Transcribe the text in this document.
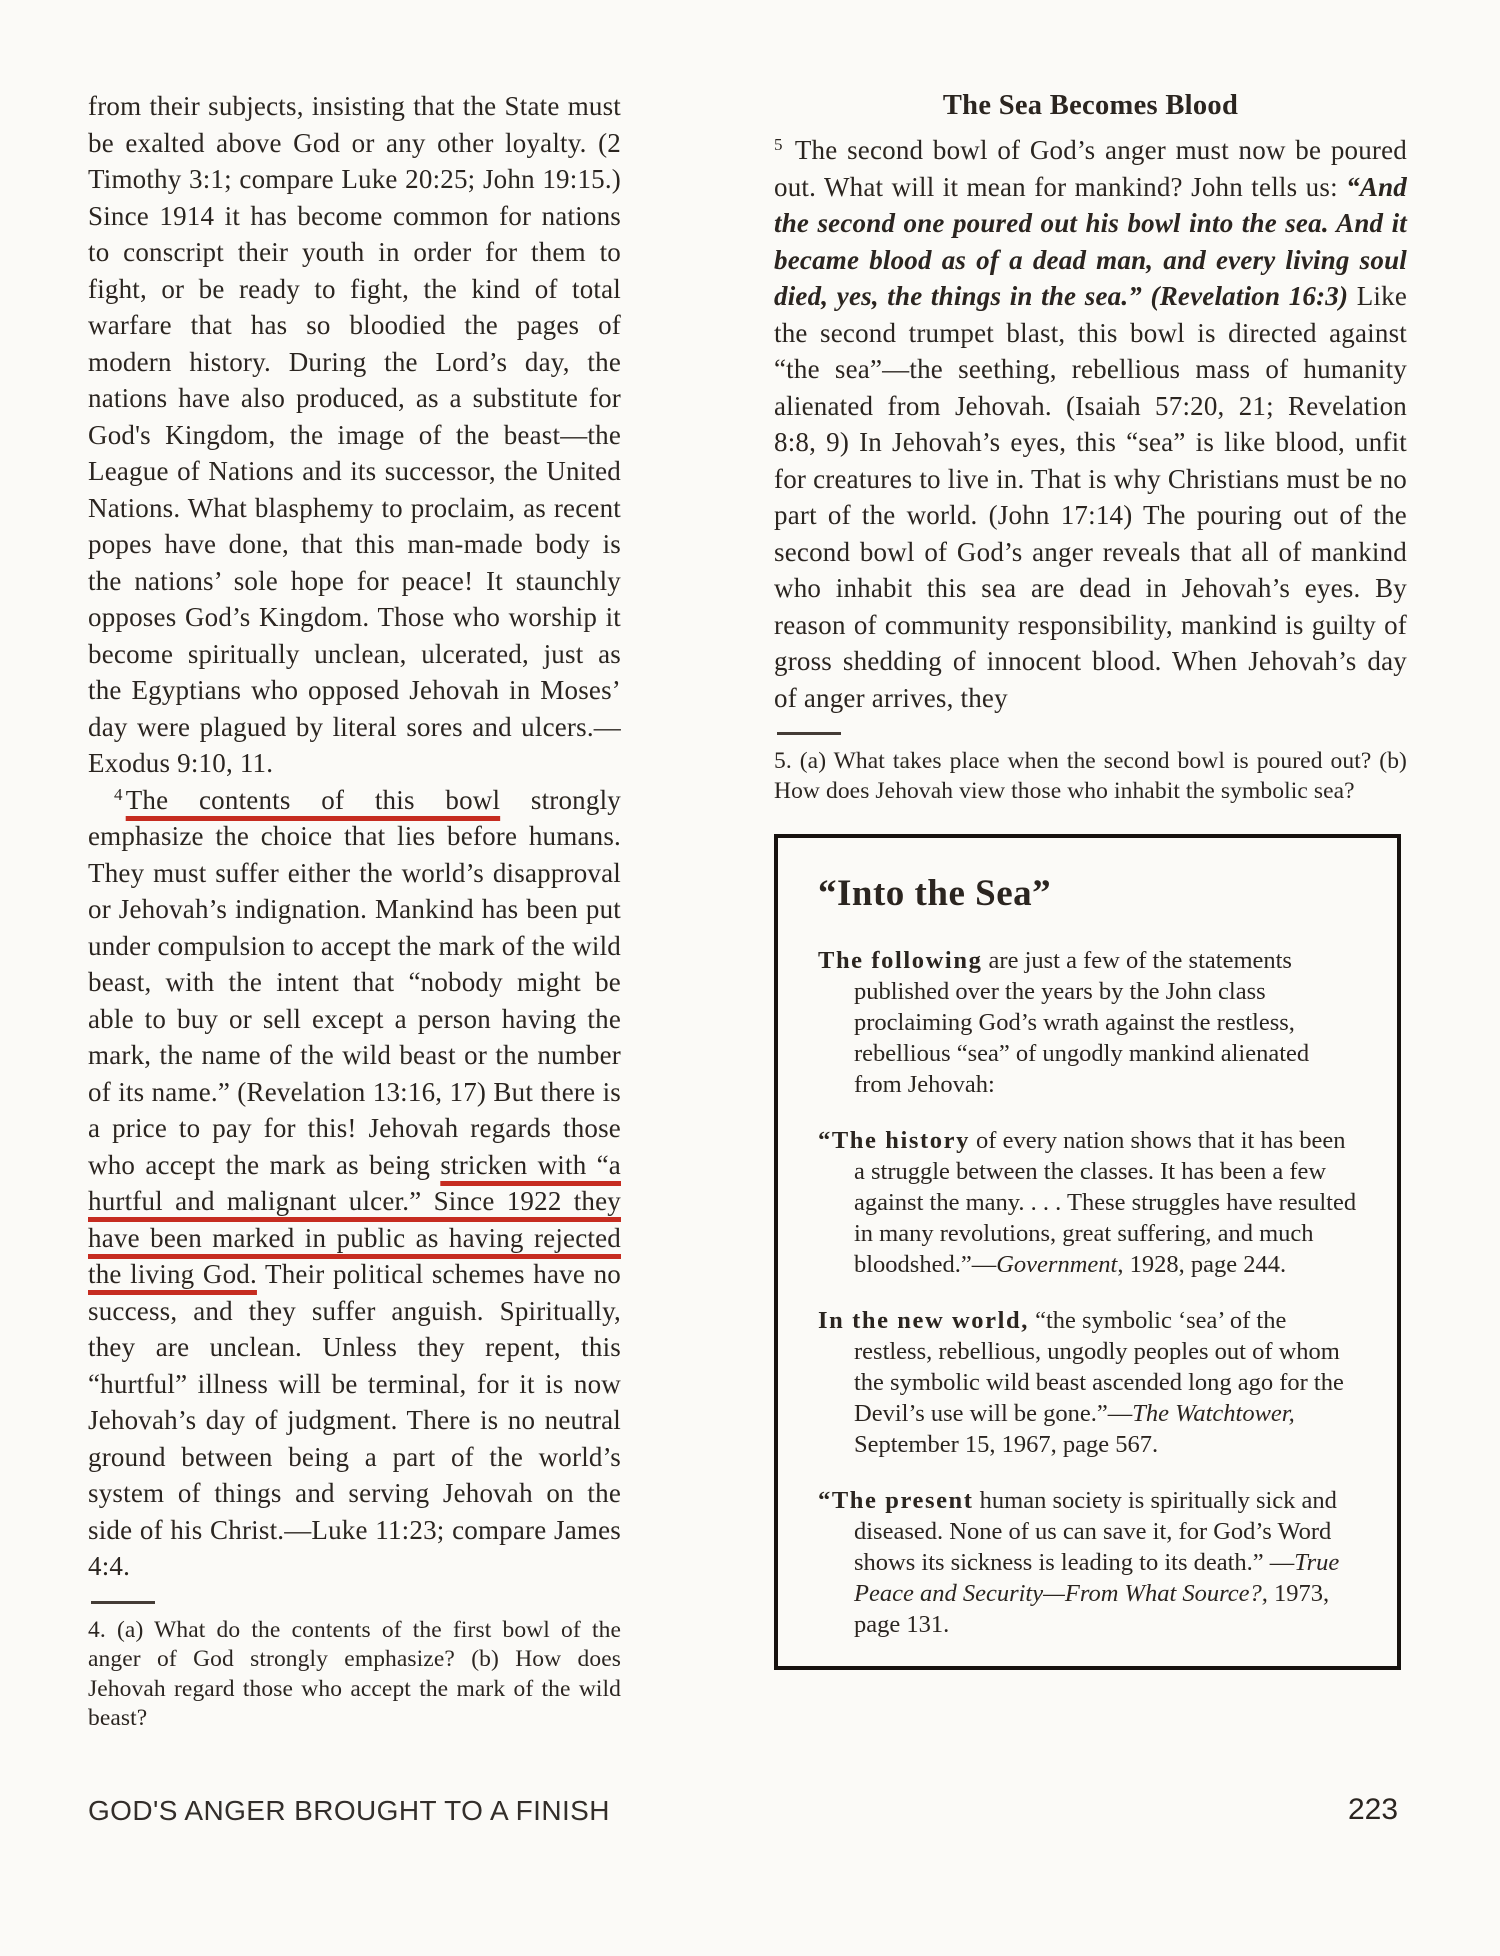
from their subjects, insisting that the State must be exalted above God or any other loyalty. (2 Timothy 3:1; compare Luke 20:25; John 19:15.) Since 1914 it has become common for nations to conscript their youth in order for them to fight, or be ready to fight, the kind of total warfare that has so bloodied the pages of modern history. During the Lord’s day, the nations have also produced, as a substitute for God's Kingdom, the image of the beast—the League of Nations and its successor, the United Nations. What blasphemy to proclaim, as recent popes have done, that this man-made body is the nations’ sole hope for peace! It staunchly opposes God’s Kingdom. Those who worship it become spiritually unclean, ulcerated, just as the Egyptians who opposed Jehovah in Moses’ day were plagued by literal sores and ulcers.—Exodus 9:10, 11.

$^4$ The contents of this bowl strongly emphasize the choice that lies before humans. They must suffer either the world’s disapproval or Jehovah’s indignation. Mankind has been put under compulsion to accept the mark of the wild beast, with the intent that “nobody might be able to buy or sell except a person having the mark, the name of the wild beast or the number of its name.” (Revelation 13:16, 17) But there is a price to pay for this! Jehovah regards those who accept the mark as being stricken with “a hurtful and malignant ulcer.” Since 1922 they have been marked in public as having rejected the living God. Their political schemes have no success, and they suffer anguish. Spiritually, they are unclean. Unless they repent, this “hurtful” illness will be terminal, for it is now Jehovah’s day of judgment. There is no neutral ground between being a part of the world’s system of things and serving Jehovah on the side of his Christ.—Luke 11:23; compare James 4:4.

4. (a) What do the contents of the first bowl of the anger of God strongly emphasize? (b) How does Jehovah regard those who accept the mark of the wild beast?

The Sea Becomes Blood

$^5$ The second bowl of God’s anger must now be poured out. What will it mean for mankind? John tells us: “And the second one poured out his bowl into the sea. And it became blood as of a dead man, and every living soul died, yes, the things in the sea.” (Revelation 16:3) Like the second trumpet blast, this bowl is directed against “the sea”—the seething, rebellious mass of humanity alienated from Jehovah. (Isaiah 57:20, 21; Revelation 8:8, 9) In Jehovah’s eyes, this “sea” is like blood, unfit for creatures to live in. That is why Christians must be no part of the world. (John 17:14) The pouring out of the second bowl of God’s anger reveals that all of mankind who inhabit this sea are dead in Jehovah’s eyes. By reason of community responsibility, mankind is guilty of gross shedding of innocent blood. When Jehovah’s day of anger arrives, they

5. (a) What takes place when the second bowl is poured out? (b) How does Jehovah view those who inhabit the symbolic sea?

“Into the Sea”

The following are just a few of the statements published over the years by the John class proclaiming God’s wrath against the restless, rebellious “sea” of ungodly mankind alienated from Jehovah:

“The history of every nation shows that it has been a struggle between the classes. It has been a few against the many. . . . These struggles have resulted in many revolutions, great suffering, and much bloodshed.”—Government, 1928, page 244.

In the new world, “the symbolic ‘sea’ of the restless, rebellious, ungodly peoples out of whom the symbolic wild beast ascended long ago for the Devil’s use will be gone.”—The Watchtower, September 15, 1967, page 567.

“The present human society is spiritually sick and diseased. None of us can save it, for God’s Word shows its sickness is leading to its death.” —True Peace and Security—From What Source?, 1973, page 131.

GOD'S ANGER BROUGHT TO A FINISH	223
